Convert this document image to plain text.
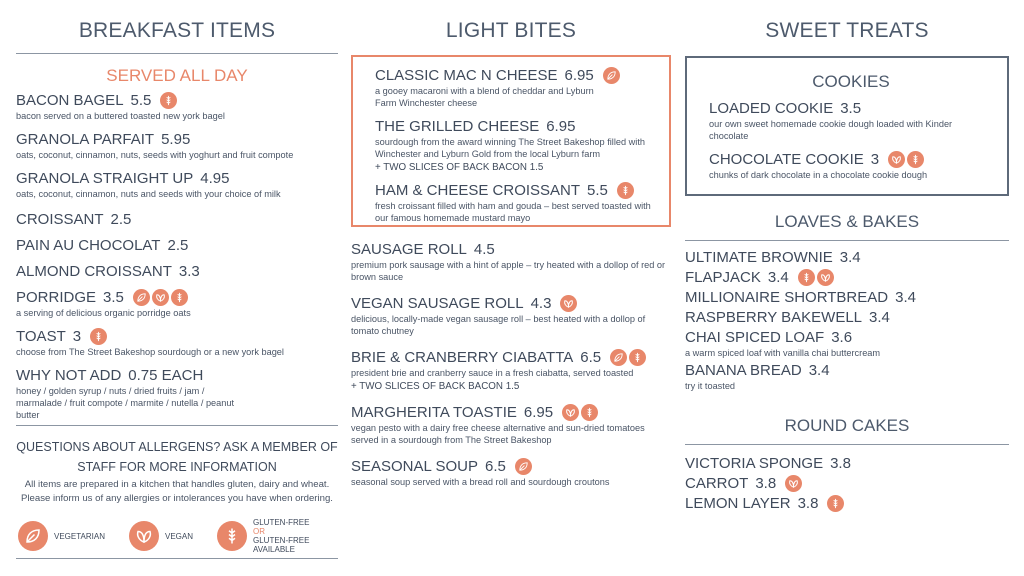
BREAKFAST ITEMS
SERVED ALL DAY
BACON BAGEL 5.5
bacon served on a buttered toasted new york bagel
GRANOLA PARFAIT 5.95
oats, coconut, cinnamon, nuts, seeds with yoghurt and fruit compote
GRANOLA STRAIGHT UP 4.95
oats, coconut, cinnamon, nuts and seeds with your choice of milk
CROISSANT 2.5
PAIN AU CHOCOLAT 2.5
ALMOND CROISSANT 3.3
PORRIDGE 3.5
a serving of delicious organic porridge oats
TOAST 3
choose from The Street Bakeshop sourdough or a new york bagel
WHY NOT ADD 0.75 EACH
honey / golden syrup / nuts / dried fruits / jam / marmalade / fruit compote / marmite / nutella / peanut butter
QUESTIONS ABOUT ALLERGENS? ASK A MEMBER OF STAFF FOR MORE INFORMATION
All items are prepared in a kitchen that handles gluten, dairy and wheat. Please inform us of any allergies or intolerances you have when ordering.
VEGETARIAN	VEGAN
GLUTEN-FREE
OR
GLUTEN-FREE AVAILABLE
LIGHT BITES
CLASSIC MAC N CHEESE 6.95
a gooey macaroni with a blend of cheddar and Lyburn Farm Winchester cheese
THE GRILLED CHEESE 6.95
sourdough from the award winning The Street Bakeshop filled with Winchester and Lyburn Gold from the local Lyburn farm
+ TWO SLICES OF BACK BACON 1.5
HAM & CHEESE CROISSANT 5.5
fresh croissant filled with ham and gouda – best served toasted with our famous homemade mustard mayo
SAUSAGE ROLL 4.5
premium pork sausage with a hint of apple – try heated with a dollop of red or brown sauce
VEGAN SAUSAGE ROLL 4.3
delicious, locally-made vegan sausage roll – best heated with a dollop of tomato chutney
BRIE & CRANBERRY CIABATTA 6.5
president brie and cranberry sauce in a fresh ciabatta, served toasted
+ TWO SLICES OF BACK BACON 1.5
MARGHERITA TOASTIE 6.95
vegan pesto with a dairy free cheese alternative and sun-dried tomatoes served in a sourdough from The Street Bakeshop
SEASONAL SOUP 6.5
seasonal soup served with a bread roll and sourdough croutons
SWEET TREATS
COOKIES
LOADED COOKIE 3.5
our own sweet homemade cookie dough loaded with Kinder chocolate
CHOCOLATE COOKIE 3
chunks of dark chocolate in a chocolate cookie dough
LOAVES & BAKES
ULTIMATE BROWNIE 3.4
FLAPJACK 3.4
MILLIONAIRE SHORTBREAD 3.4
RASPBERRY BAKEWELL 3.4
CHAI SPICED LOAF 3.6
a warm spiced loaf with vanilla chai buttercream
BANANA BREAD 3.4
try it toasted
ROUND CAKES
VICTORIA SPONGE 3.8
CARROT 3.8
LEMON LAYER 3.8
